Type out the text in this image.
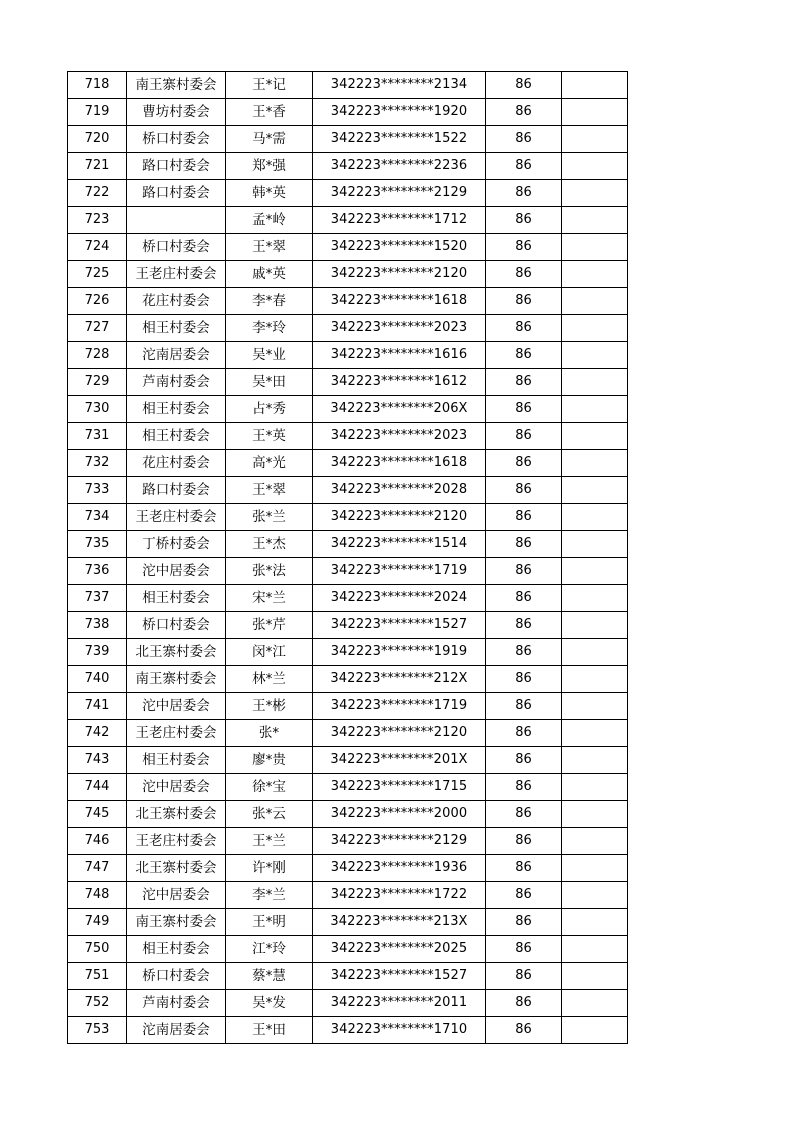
718	南王寨村委会	王*记	342223********2134	86	
719	曹坊村委会	王*香	342223********1920	86	
720	桥口村委会	马*需	342223********1522	86	
721	路口村委会	郑*强	342223********2236	86	
722	路口村委会	韩*英	342223********2129	86	
723		孟*岭	342223********1712	86	
724	桥口村委会	王*翠	342223********1520	86	
725	王老庄村委会	戚*英	342223********2120	86	
726	花庄村委会	李*春	342223********1618	86	
727	相王村委会	李*玲	342223********2023	86	
728	沱南居委会	吴*业	342223********1616	86	
729	芦南村委会	吴*田	342223********1612	86	
730	相王村委会	占*秀	342223********206X	86	
731	相王村委会	王*英	342223********2023	86	
732	花庄村委会	高*光	342223********1618	86	
733	路口村委会	王*翠	342223********2028	86	
734	王老庄村委会	张*兰	342223********2120	86	
735	丁桥村委会	王*杰	342223********1514	86	
736	沱中居委会	张*法	342223********1719	86	
737	相王村委会	宋*兰	342223********2024	86	
738	桥口村委会	张*芹	342223********1527	86	
739	北王寨村委会	闵*江	342223********1919	86	
740	南王寨村委会	林*兰	342223********212X	86	
741	沱中居委会	王*彬	342223********1719	86	
742	王老庄村委会	张*	342223********2120	86	
743	相王村委会	廖*贵	342223********201X	86	
744	沱中居委会	徐*宝	342223********1715	86	
745	北王寨村委会	张*云	342223********2000	86	
746	王老庄村委会	王*兰	342223********2129	86	
747	北王寨村委会	许*刚	342223********1936	86	
748	沱中居委会	李*兰	342223********1722	86	
749	南王寨村委会	王*明	342223********213X	86	
750	相王村委会	江*玲	342223********2025	86	
751	桥口村委会	蔡*慧	342223********1527	86	
752	芦南村委会	吴*发	342223********2011	86	
753	沱南居委会	王*田	342223********1710	86	
